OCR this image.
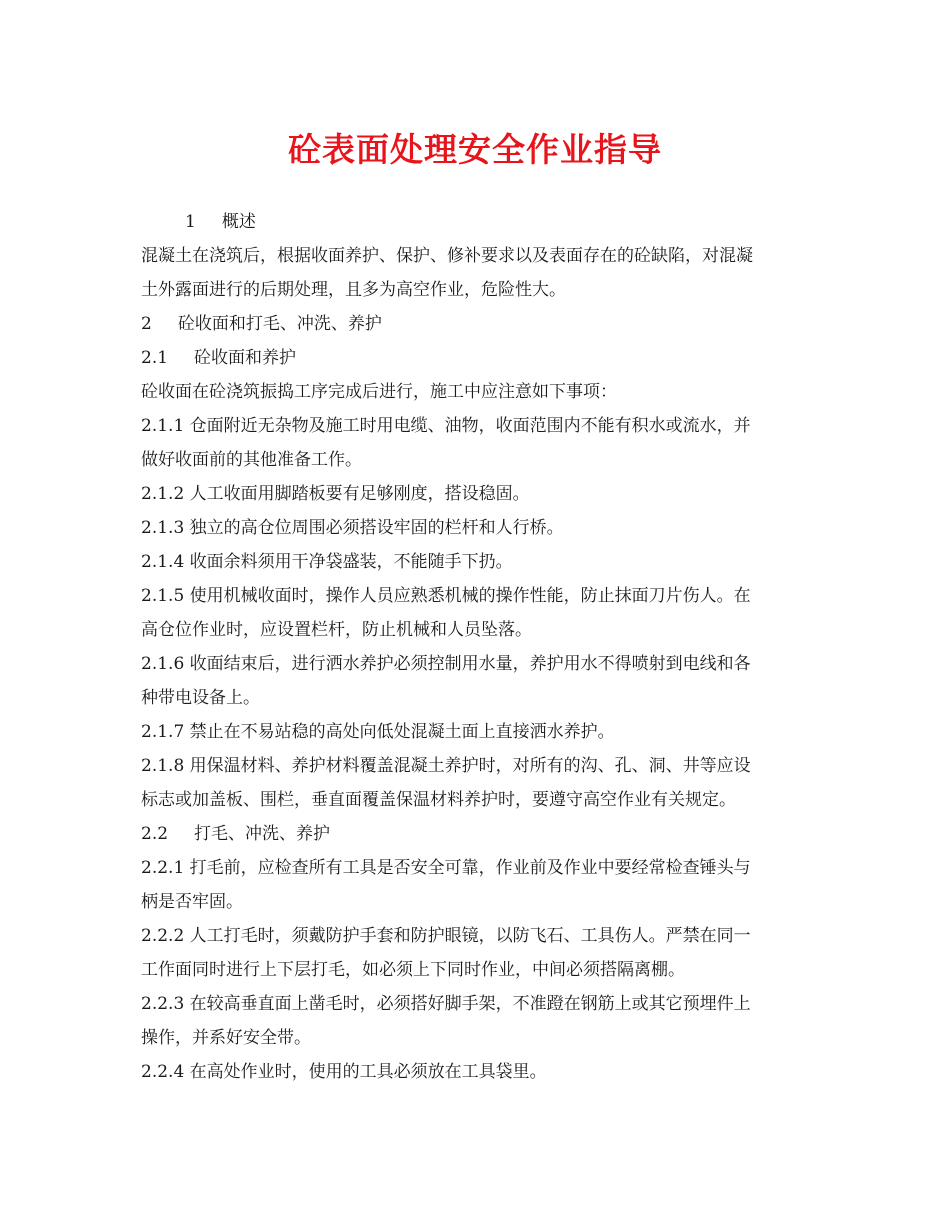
砼表面处理安全作业指导
1 概述
混凝土在浇筑后，根据收面养护、保护、修补要求以及表面存在的砼缺陷，对混凝
土外露面进行的后期处理，且多为高空作业，危险性大。
2 砼收面和打毛、冲洗、养护
2.1 砼收面和养护
砼收面在砼浇筑振捣工序完成后进行，施工中应注意如下事项：
2.1.1 仓面附近无杂物及施工时用电缆、油物，收面范围内不能有积水或流水，并
做好收面前的其他准备工作。
2.1.2 人工收面用脚踏板要有足够刚度，搭设稳固。
2.1.3 独立的高仓位周围必须搭设牢固的栏杆和人行桥。
2.1.4 收面余料须用干净袋盛装，不能随手下扔。
2.1.5 使用机械收面时，操作人员应熟悉机械的操作性能，防止抹面刀片伤人。在
高仓位作业时，应设置栏杆，防止机械和人员坠落。
2.1.6 收面结束后，进行洒水养护必须控制用水量，养护用水不得喷射到电线和各
种带电设备上。
2.1.7 禁止在不易站稳的高处向低处混凝土面上直接洒水养护。
2.1.8 用保温材料、养护材料覆盖混凝土养护时，对所有的沟、孔、洞、井等应设
标志或加盖板、围栏，垂直面覆盖保温材料养护时，要遵守高空作业有关规定。
2.2 打毛、冲洗、养护
2.2.1 打毛前，应检查所有工具是否安全可靠，作业前及作业中要经常检查锤头与
柄是否牢固。
2.2.2 人工打毛时，须戴防护手套和防护眼镜，以防飞石、工具伤人。严禁在同一
工作面同时进行上下层打毛，如必须上下同时作业，中间必须搭隔离棚。
2.2.3 在较高垂直面上凿毛时，必须搭好脚手架，不准蹬在钢筋上或其它预埋件上
操作，并系好安全带。
2.2.4 在高处作业时，使用的工具必须放在工具袋里。
